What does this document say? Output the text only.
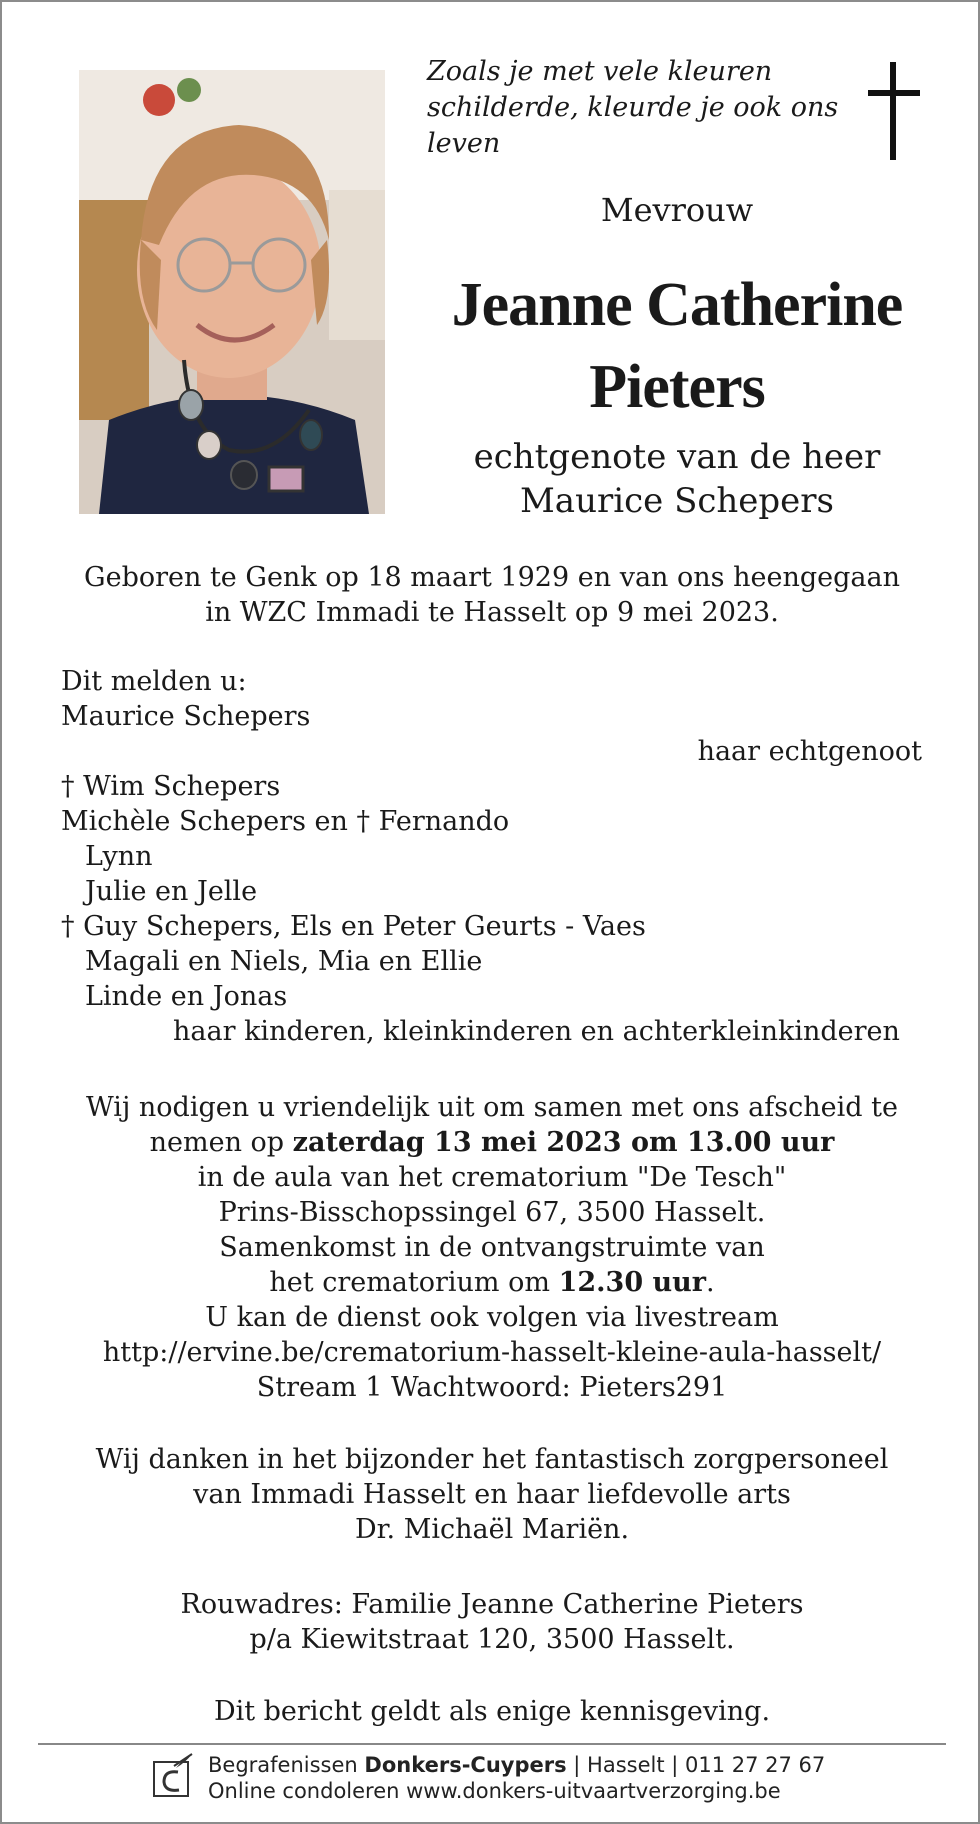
Zoals je met vele kleuren
schilderde, kleurde je ook ons
leven
Mevrouw
Jeanne Catherine
Pieters
echtgenote van de heer
Maurice Schepers
Geboren te Genk op 18 maart 1929 en van ons heengegaan
in WZC Immadi te Hasselt op 9 mei 2023.
Dit melden u:
Maurice Schepers
haar echtgenoot
† Wim Schepers
Michèle Schepers en † Fernando
Lynn
Julie en Jelle
† Guy Schepers, Els en Peter Geurts - Vaes
Magali en Niels, Mia en Ellie
Linde en Jonas
haar kinderen, kleinkinderen en achterkleinkinderen
Wij nodigen u vriendelijk uit om samen met ons afscheid te
nemen op zaterdag 13 mei 2023 om 13.00 uur
in de aula van het crematorium "De Tesch"
Prins-Bisschopssingel 67, 3500 Hasselt.
Samenkomst in de ontvangstruimte van
het crematorium om 12.30 uur.
U kan de dienst ook volgen via livestream
http://ervine.be/crematorium-hasselt-kleine-aula-hasselt/
Stream 1 Wachtwoord: Pieters291
Wij danken in het bijzonder het fantastisch zorgpersoneel
van Immadi Hasselt en haar liefdevolle arts
Dr. Michaël Mariën.
Rouwadres: Familie Jeanne Catherine Pieters
p/a Kiewitstraat 120, 3500 Hasselt.
Dit bericht geldt als enige kennisgeving.
Begrafenissen Donkers-Cuypers | Hasselt | 011 27 27 67
Online condoleren www.donkers-uitvaartverzorging.be
